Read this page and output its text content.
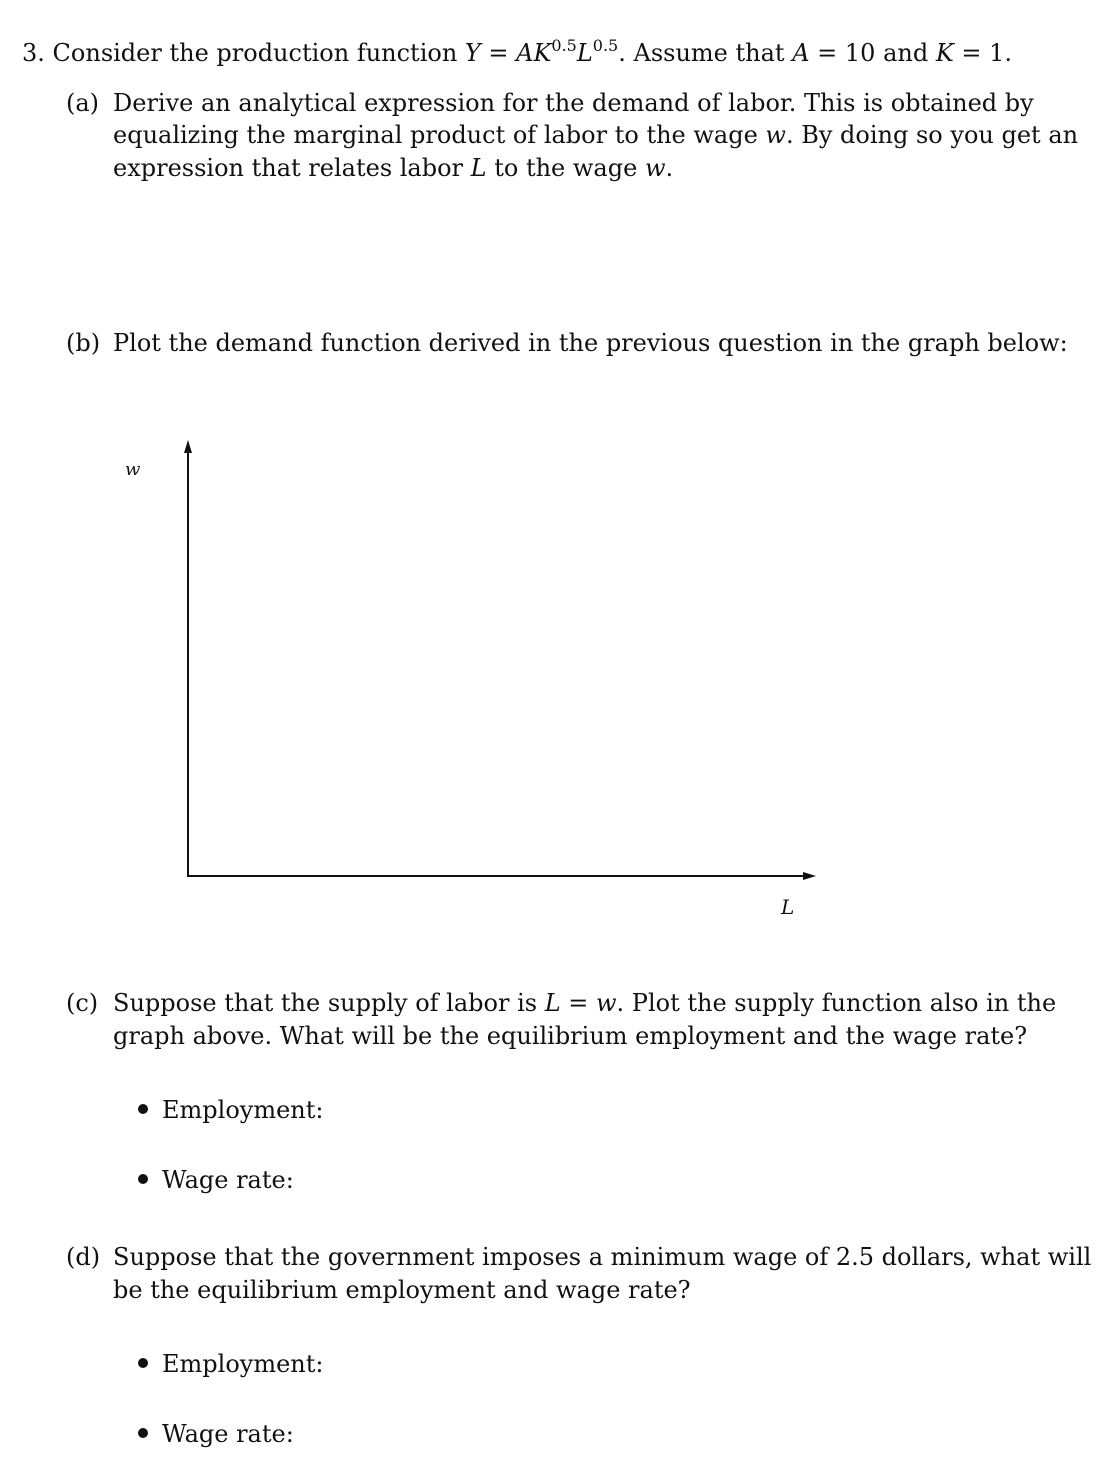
3. Consider the production function $Y = AK^{0.5}L^{0.5}$. Assume that A = 10 and K = 1.
(a) Derive an analytical expression for the demand of labor. This is obtained by
equalizing the marginal product of labor to the wage w. By doing so you get an
expression that relates labor L to the wage w.
(b) Plot the demand function derived in the previous question in the graph below:
w
L
(c) Suppose that the supply of labor is L = w. Plot the supply function also in the
graph above. What will be the equilibrium employment and the wage rate?
Employment:
Wage rate:
(d) Suppose that the government imposes a minimum wage of 2.5 dollars, what will
be the equilibrium employment and wage rate?
Employment:
Wage rate:
